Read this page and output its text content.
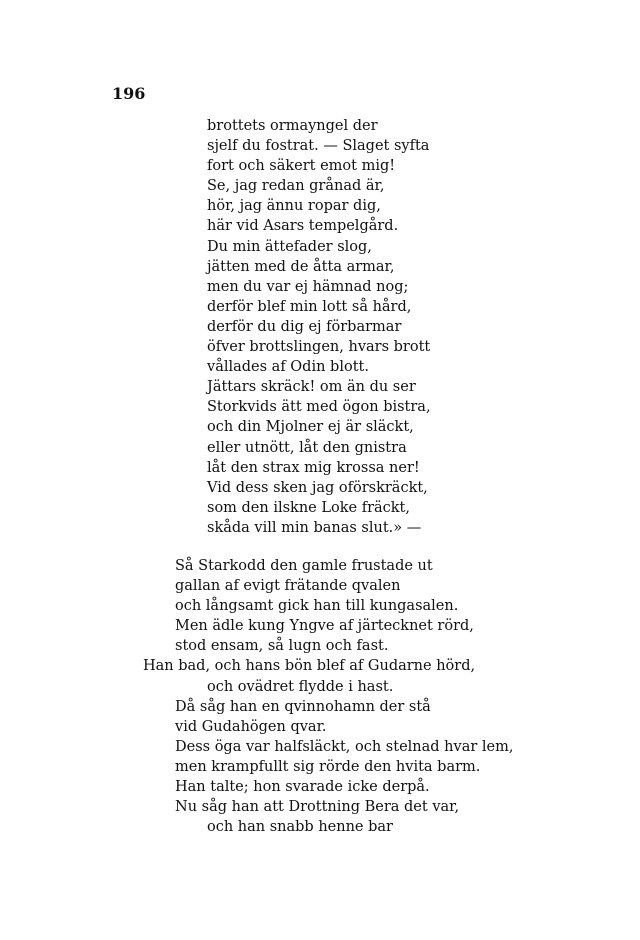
196
brottets ormayngel der
sjelf du fostrat. — Slaget syfta
fort och säkert emot mig!
Se, jag redan grånad är,
hör, jag ännu ropar dig,
här vid Asars tempelgård.
Du min ättefader slog,
jätten med de åtta armar,
men du var ej hämnad nog;
derför blef min lott så hård,
derför du dig ej förbarmar
öfver brottslingen, hvars brott
vållades af Odin blott.
Jättars skräck! om än du ser
Storkvids ätt med ögon bistra,
och din Mjolner ej är släckt,
eller utnött, låt den gnistra
låt den strax mig krossa ner!
Vid dess sken jag oförskräckt,
som den ilskne Loke fräckt,
skåda vill min banas slut.» —
Så Starkodd den gamle frustade ut
gallan af evigt frätande qvalen
och långsamt gick han till kungasalen.
Men ädle kung Yngve af järtecknet rörd,
stod ensam, så lugn och fast.
Han bad, och hans bön blef af Gudarne hörd,
och ovädret flydde i hast.
Då såg han en qvinnohamn der stå
vid Gudahögen qvar.
Dess öga var halfsläckt, och stelnad hvar lem,
men krampfullt sig rörde den hvita barm.
Han talte; hon svarade icke derpå.
Nu såg han att Drottning Bera det var,
och han snabb henne bar
